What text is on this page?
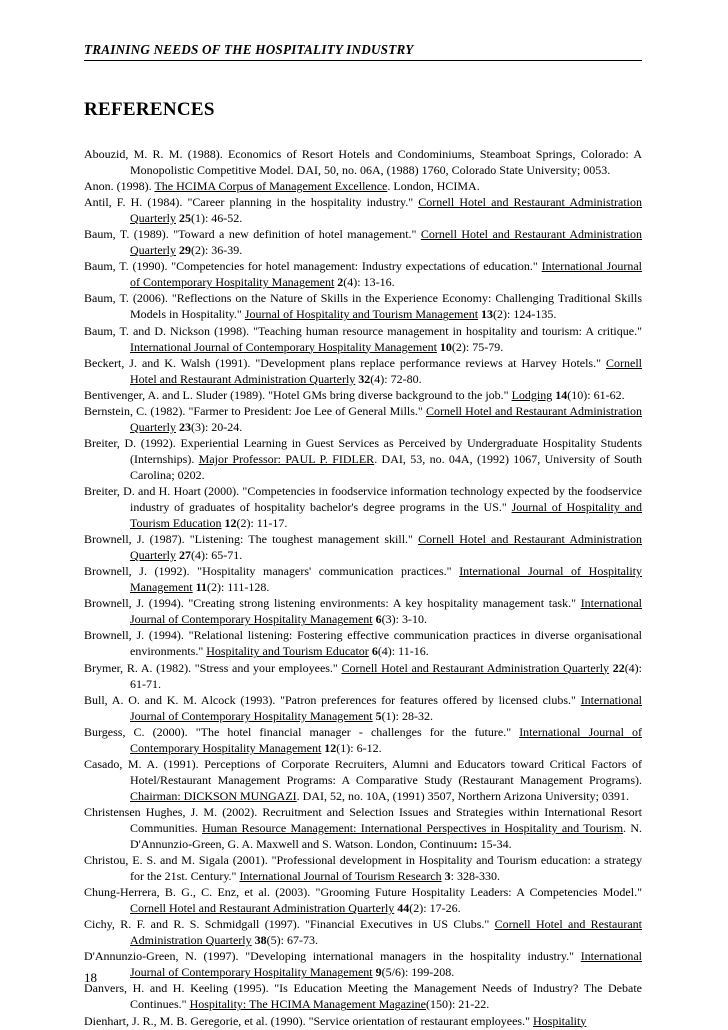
TRAINING NEEDS OF THE HOSPITALITY INDUSTRY
REFERENCES

Abouzid, M. R. M. (1988). Economics of Resort Hotels and Condominiums, Steamboat Springs, Colorado: A Monopolistic Competitive Model. DAI, 50, no. 06A, (1988) 1760, Colorado State University; 0053.

Anon. (1998). The HCIMA Corpus of Management Excellence. London, HCIMA.

Antil, F. H. (1984). "Career planning in the hospitality industry." Cornell Hotel and Restaurant Administration Quarterly 25(1): 46-52.

Baum, T. (1989). "Toward a new definition of hotel management." Cornell Hotel and Restaurant Administration Quarterly 29(2): 36-39.

Baum, T. (1990). "Competencies for hotel management: Industry expectations of education." International Journal of Contemporary Hospitality Management 2(4): 13-16.

Baum, T. (2006). "Reflections on the Nature of Skills in the Experience Economy: Challenging Traditional Skills Models in Hospitality." Journal of Hospitality and Tourism Management 13(2): 124-135.

Baum, T. and D. Nickson (1998). "Teaching human resource management in hospitality and tourism: A critique." International Journal of Contemporary Hospitality Management 10(2): 75-79.

Beckert, J. and K. Walsh (1991). "Development plans replace performance reviews at Harvey Hotels." Cornell Hotel and Restaurant Administration Quarterly 32(4): 72-80.

Bentivenger, A. and L. Sluder (1989). "Hotel GMs bring diverse background to the job." Lodging 14(10): 61-62.

Bernstein, C. (1982). "Farmer to President: Joe Lee of General Mills." Cornell Hotel and Restaurant Administration Quarterly 23(3): 20-24.

Breiter, D. (1992). Experiential Learning in Guest Services as Perceived by Undergraduate Hospitality Students (Internships). Major Professor: PAUL P. FIDLER. DAI, 53, no. 04A, (1992) 1067, University of South Carolina; 0202.

Breiter, D. and H. Hoart (2000). "Competencies in foodservice information technology expected by the foodservice industry of graduates of hospitality bachelor's degree programs in the US." Journal of Hospitality and Tourism Education 12(2): 11-17.

Brownell, J. (1987). "Listening: The toughest management skill." Cornell Hotel and Restaurant Administration Quarterly 27(4): 65-71.

Brownell, J. (1992). "Hospitality managers' communication practices." International Journal of Hospitality Management 11(2): 111-128.

Brownell, J. (1994). "Creating strong listening environments: A key hospitality management task." International Journal of Contemporary Hospitality Management 6(3): 3-10.

Brownell, J. (1994). "Relational listening: Fostering effective communication practices in diverse organisational environments." Hospitality and Tourism Educator 6(4): 11-16.

Brymer, R. A. (1982). "Stress and your employees." Cornell Hotel and Restaurant Administration Quarterly 22(4): 61-71.

Bull, A. O. and K. M. Alcock (1993). "Patron preferences for features offered by licensed clubs." International Journal of Contemporary Hospitality Management 5(1): 28-32.

Burgess, C. (2000). "The hotel financial manager - challenges for the future." International Journal of Contemporary Hospitality Management 12(1): 6-12.

Casado, M. A. (1991). Perceptions of Corporate Recruiters, Alumni and Educators toward Critical Factors of Hotel/Restaurant Management Programs: A Comparative Study (Restaurant Management Programs). Chairman: DICKSON MUNGAZI. DAI, 52, no. 10A, (1991) 3507, Northern Arizona University; 0391.

Christensen Hughes, J. M. (2002). Recruitment and Selection Issues and Strategies within International Resort Communities. Human Resource Management: International Perspectives in Hospitality and Tourism. N. D'Annunzio-Green, G. A. Maxwell and S. Watson. London, Continuum: 15-34.

Christou, E. S. and M. Sigala (2001). "Professional development in Hospitality and Tourism education: a strategy for the 21st. Century." International Journal of Tourism Research 3: 328-330.

Chung-Herrera, B. G., C. Enz, et al. (2003). "Grooming Future Hospitality Leaders: A Competencies Model." Cornell Hotel and Restaurant Administration Quarterly 44(2): 17-26.

Cichy, R. F. and R. S. Schmidgall (1997). "Financial Executives in US Clubs." Cornell Hotel and Restaurant Administration Quarterly 38(5): 67-73.

D'Annunzio-Green, N. (1997). "Developing international managers in the hospitality industry." International Journal of Contemporary Hospitality Management 9(5/6): 199-208.

Danvers, H. and H. Keeling (1995). "Is Education Meeting the Management Needs of Industry? The Debate Continues." Hospitality: The HCIMA Management Magazine(150): 21-22.

Dienhart, J. R., M. B. Geregorie, et al. (1990). "Service orientation of restaurant employees." Hospitality

18
